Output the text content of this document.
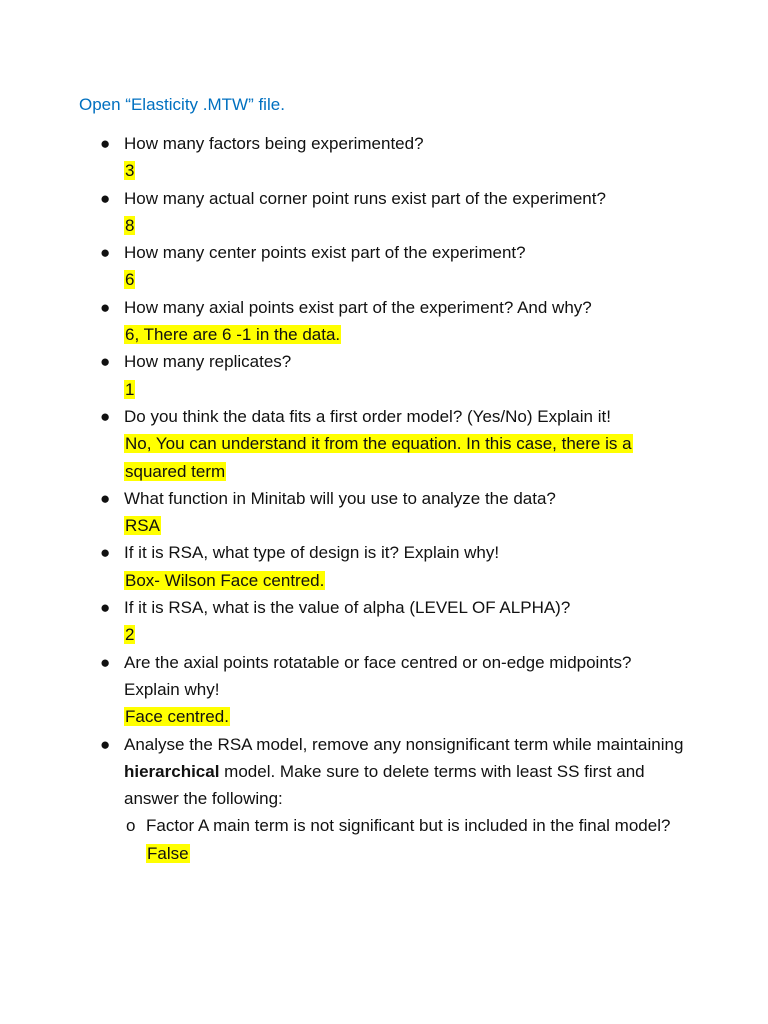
Open “Elasticity .MTW” file.
● How many factors being experimented?
3
● How many actual corner point runs exist part of the experiment?
8
● How many center points exist part of the experiment?
6
● How many axial points exist part of the experiment? And why?
6, There are 6 -1 in the data.
● How many replicates?
1
● Do you think the data fits a first order model? (Yes/No) Explain it!
No, You can understand it from the equation. In this case, there is a squared term
● What function in Minitab will you use to analyze the data?
RSA
● If it is RSA, what type of design is it? Explain why!
Box- Wilson Face centred.
● If it is RSA, what is the value of alpha (LEVEL OF ALPHA)?
2
● Are the axial points rotatable or face centred or on-edge midpoints? Explain why!
Face centred.
● Analyse the RSA model, remove any nonsignificant term while maintaining hierarchical model. Make sure to delete terms with least SS first and answer the following:
o Factor A main term is not significant but is included in the final model?
False
